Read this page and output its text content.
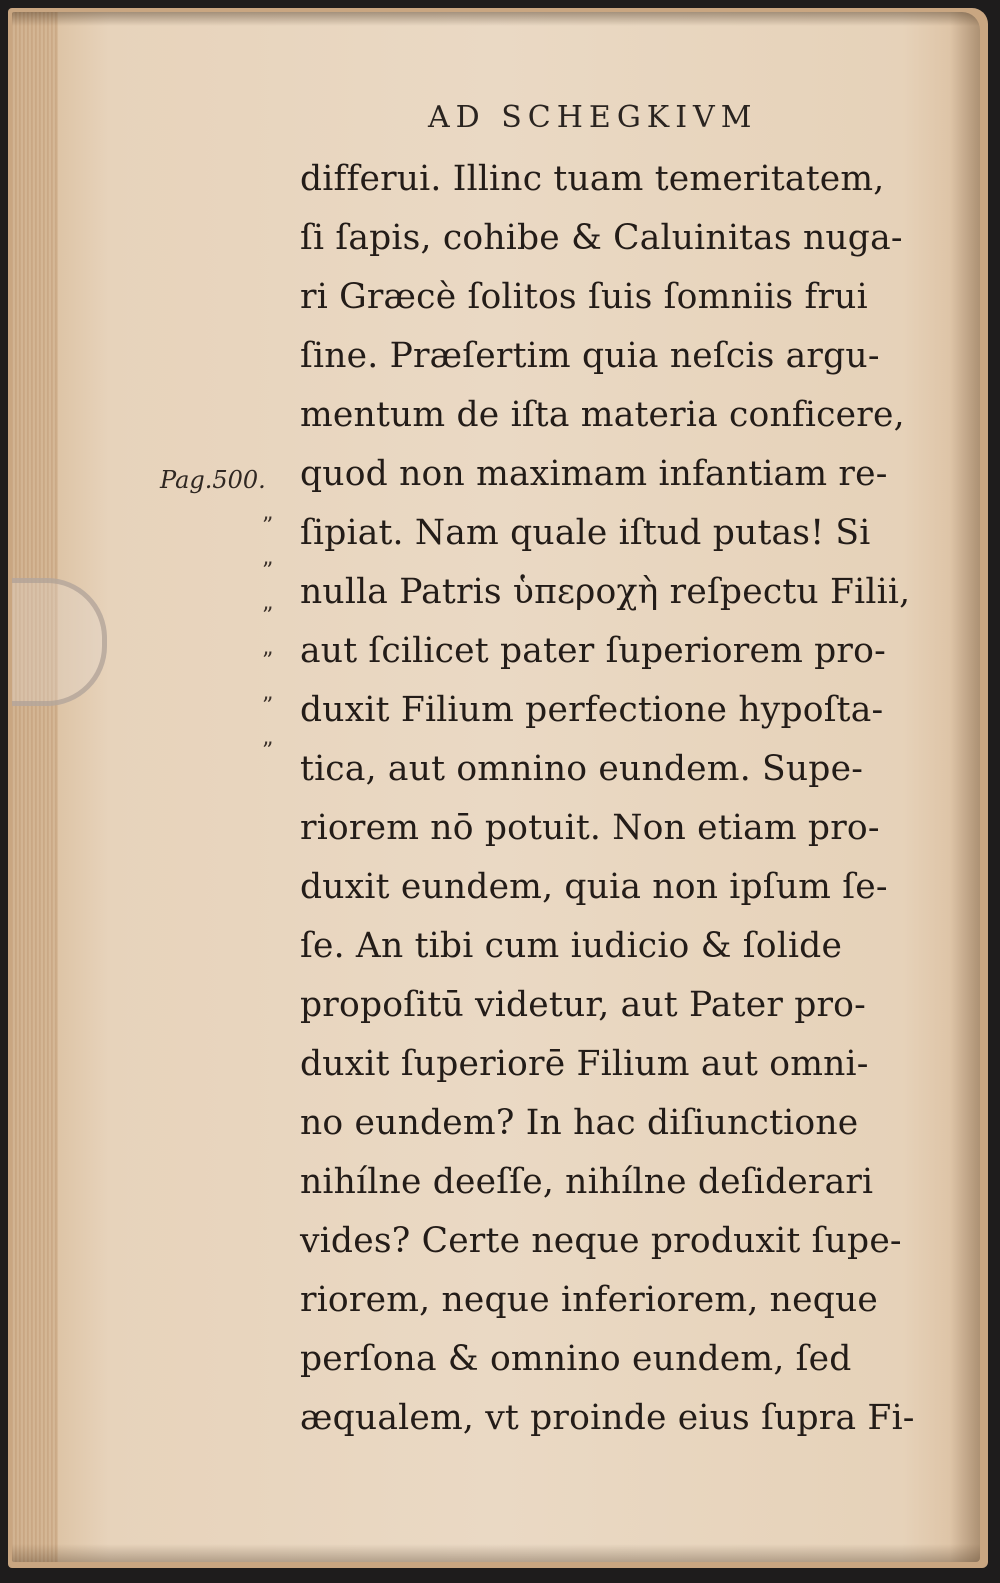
AD SCHEGKIVM
Pag.500.
”
”
”
”
”
”
differui. Illinc tuam temeritatem,
ſi ſapis, cohibe & Caluinitas nuga-
ri Græcè ſolitos ſuis ſomniis frui
ſine. Præſertim quia neſcis argu-
mentum de iſta materia conficere,
quod non maximam infantiam re-
ſipiat. Nam quale iſtud putas! Si
nulla Patris ὑπεροχὴ reſpectu Filii,
aut ſcilicet pater ſuperiorem pro-
duxit Filium perfectione hypoſta-
tica, aut omnino eundem. Supe-
riorem nō potuit. Non etiam pro-
duxit eundem, quia non ipſum ſe-
ſe. An tibi cum iudicio & ſolide
propoſitū videtur, aut Pater pro-
duxit ſuperiorē Filium aut omni-
no eundem? In hac diſiunctione
nihílne deeſſe, nihílne deſiderari
vides? Certe neque produxit ſupe-
riorem, neque inferiorem, neque
perſona & omnino eundem, ſed
æqualem, vt proinde eius ſupra Fi-
